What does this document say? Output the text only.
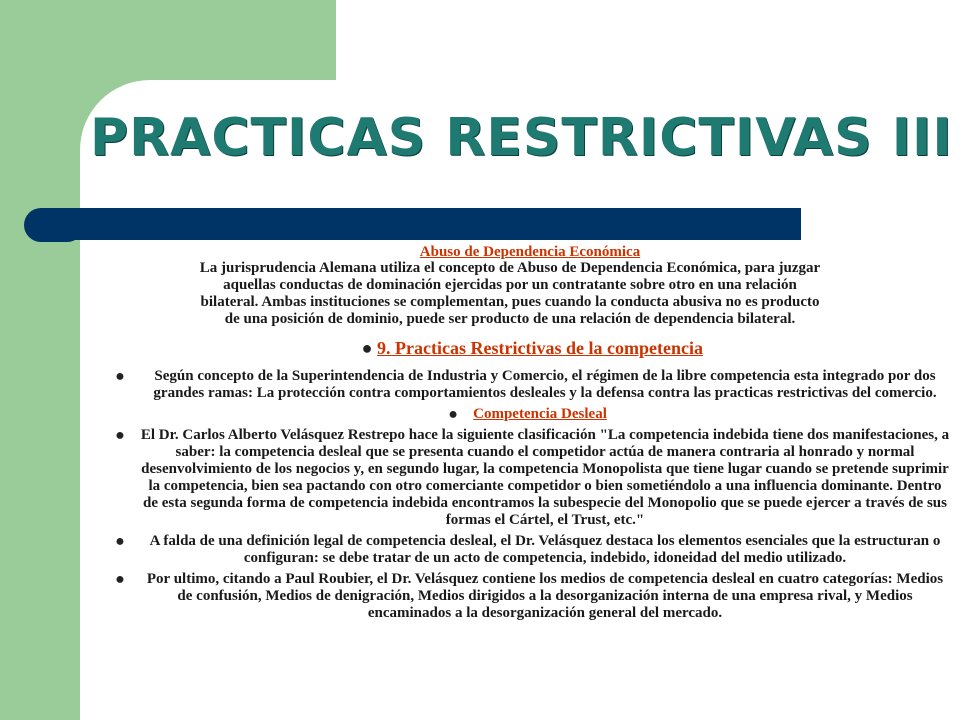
PRACTICAS RESTRICTIVAS III
Abuso de Dependencia Económica
La jurisprudencia Alemana utiliza el concepto de Abuso de Dependencia Económica, para juzgar
aquellas conductas de dominación ejercidas por un contratante sobre otro en una relación
bilateral. Ambas instituciones se complementan, pues cuando la conducta abusiva no es producto
de una posición de dominio, puede ser producto de una relación de dependencia bilateral.
● 9. Practicas Restrictivas de la competencia
●	Según concepto de la Superintendencia de Industria y Comercio, el régimen de la libre competencia esta integrado por dos grandes ramas: La protección contra comportamientos desleales y la defensa contra las practicas restrictivas del comercio.
●	Competencia Desleal
●	El Dr. Carlos Alberto Velásquez Restrepo hace la siguiente clasificación "La competencia indebida tiene dos manifestaciones, a saber: la competencia desleal que se presenta cuando el competidor actúa de manera contraria al honrado y normal desenvolvimiento de los negocios y, en segundo lugar, la competencia Monopolista que tiene lugar cuando se pretende suprimir la competencia, bien sea pactando con otro comerciante competidor o bien sometiéndolo a una influencia dominante. Dentro de esta segunda forma de competencia indebida encontramos la subespecie del Monopolio que se puede ejercer a través de sus formas el Cártel, el Trust, etc."
●	A falda de una definición legal de competencia desleal, el Dr. Velásquez destaca los elementos esenciales que la estructuran o configuran: se debe tratar de un acto de competencia, indebido, idoneidad del medio utilizado.
●	Por ultimo, citando a Paul Roubier, el Dr. Velásquez contiene los medios de competencia desleal en cuatro categorías: Medios de confusión, Medios de denigración, Medios dirigidos a la desorganización interna de una empresa rival, y Medios encaminados a la desorganización general del mercado.
